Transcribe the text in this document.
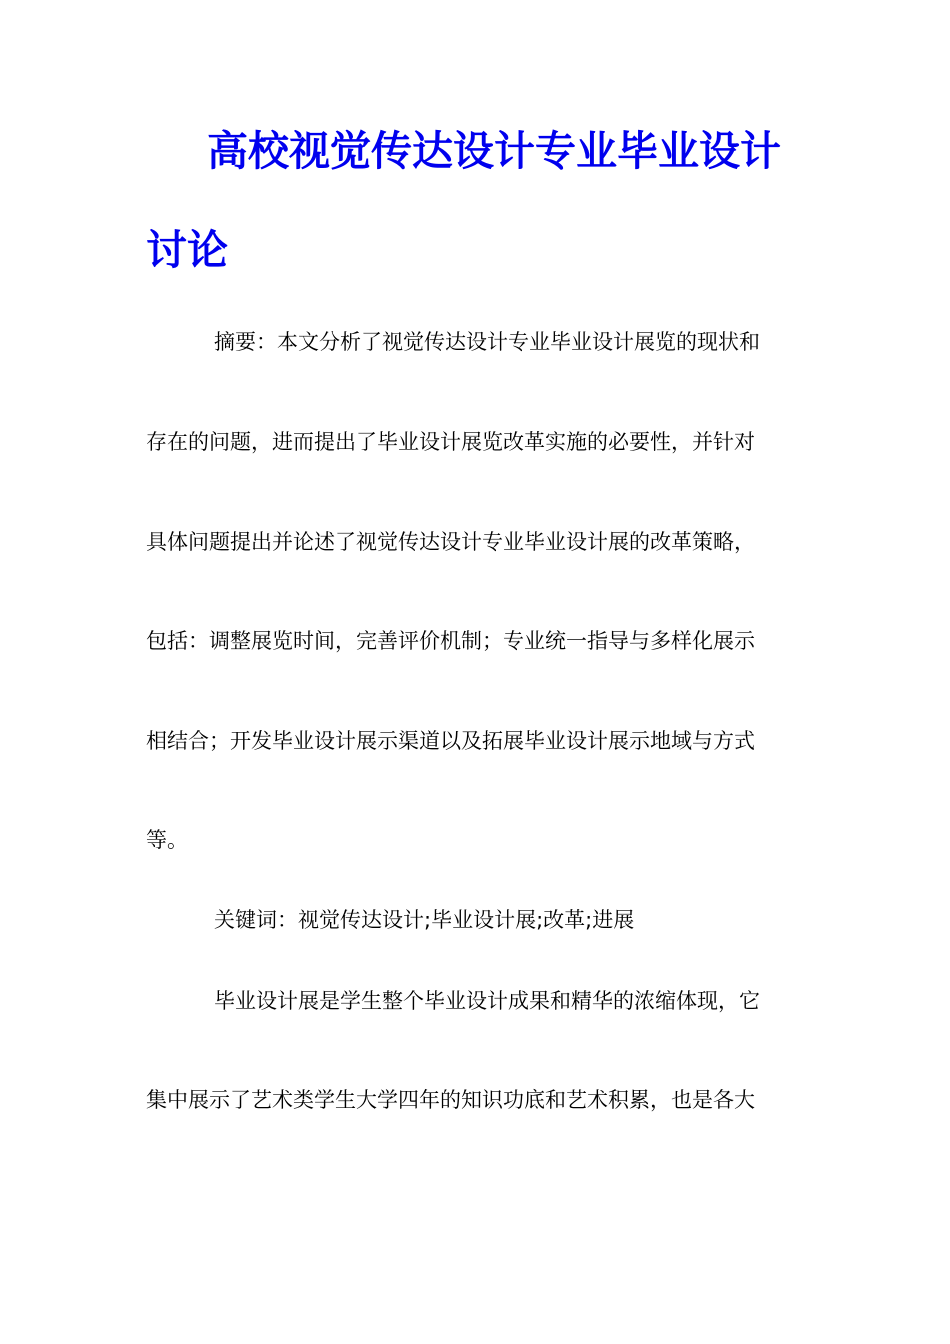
高校视觉传达设计专业毕业设计
讨论
摘要：本文分析了视觉传达设计专业毕业设计展览的现状和
存在的问题，进而提出了毕业设计展览改革实施的必要性，并针对
具体问题提出并论述了视觉传达设计专业毕业设计展的改革策略，
包括：调整展览时间，完善评价机制；专业统一指导与多样化展示
相结合；开发毕业设计展示渠道以及拓展毕业设计展示地域与方式
等。
关键词：视觉传达设计;毕业设计展;改革;进展
毕业设计展是学生整个毕业设计成果和精华的浓缩体现，它
集中展示了艺术类学生大学四年的知识功底和艺术积累，也是各大
